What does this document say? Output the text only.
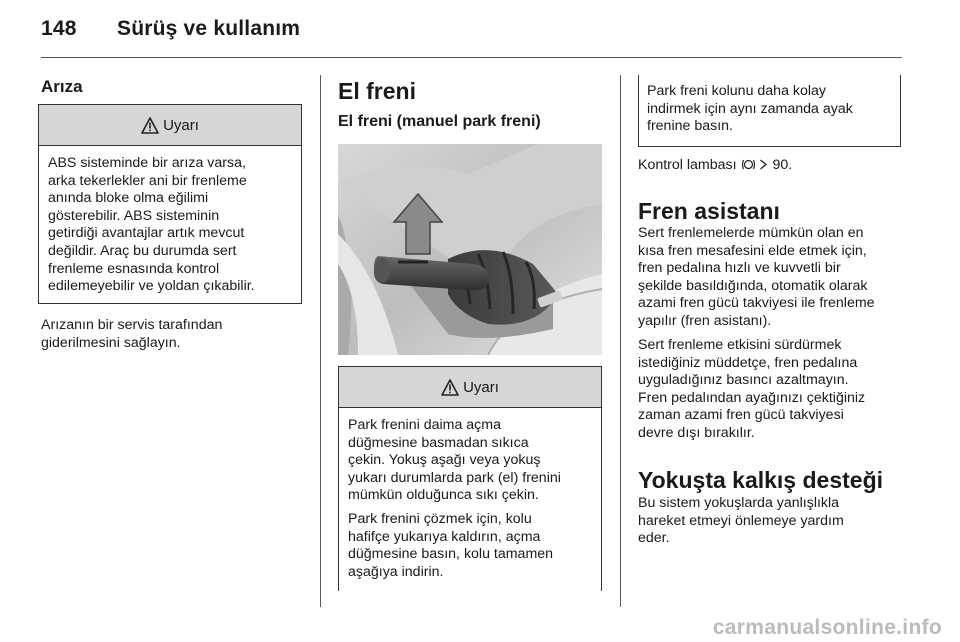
148 Sürüş ve kullanım
Arıza
Uyarı

ABS sisteminde bir arıza varsa,
arka tekerlekler ani bir frenleme
anında bloke olma eğilimi
gösterebilir. ABS sisteminin
getirdiği avantajlar artık mevcut
değildir. Araç bu durumda sert
frenleme esnasında kontrol
edilemeyebilir ve yoldan çıkabilir.

Arızanın bir servis tarafından
giderilmesini sağlayın.

El freni
El freni (manuel park freni)
Uyarı

Park frenini daima açma
düğmesine basmadan sıkıca
çekin. Yokuş aşağı veya yokuş
yukarı durumlarda park (el) frenini
mümkün olduğunca sıkı çekin.

Park frenini çözmek için, kolu
hafifçe yukarıya kaldırın, açma
düğmesine basın, kolu tamamen
aşağıya indirin.

Park freni kolunu daha kolay
indirmek için aynı zamanda ayak
frenine basın.

Kontrol lambası	90.

Fren asistanı

Sert frenlemelerde mümkün olan en
kısa fren mesafesini elde etmek için,
fren pedalına hızlı ve kuvvetli bir
şekilde basıldığında, otomatik olarak
azami fren gücü takviyesi ile frenleme
yapılır (fren asistanı).

Sert frenleme etkisini sürdürmek
istediğiniz müddetçe, fren pedalına
uyguladığınız basıncı azaltmayın.
Fren pedalından ayağınızı çektiğiniz
zaman azami fren gücü takviyesi
devre dışı bırakılır.

Yokuşta kalkış desteği

Bu sistem yokuşlarda yanlışlıkla
hareket etmeyi önlemeye yardım
eder.

carmanualsonline.info
